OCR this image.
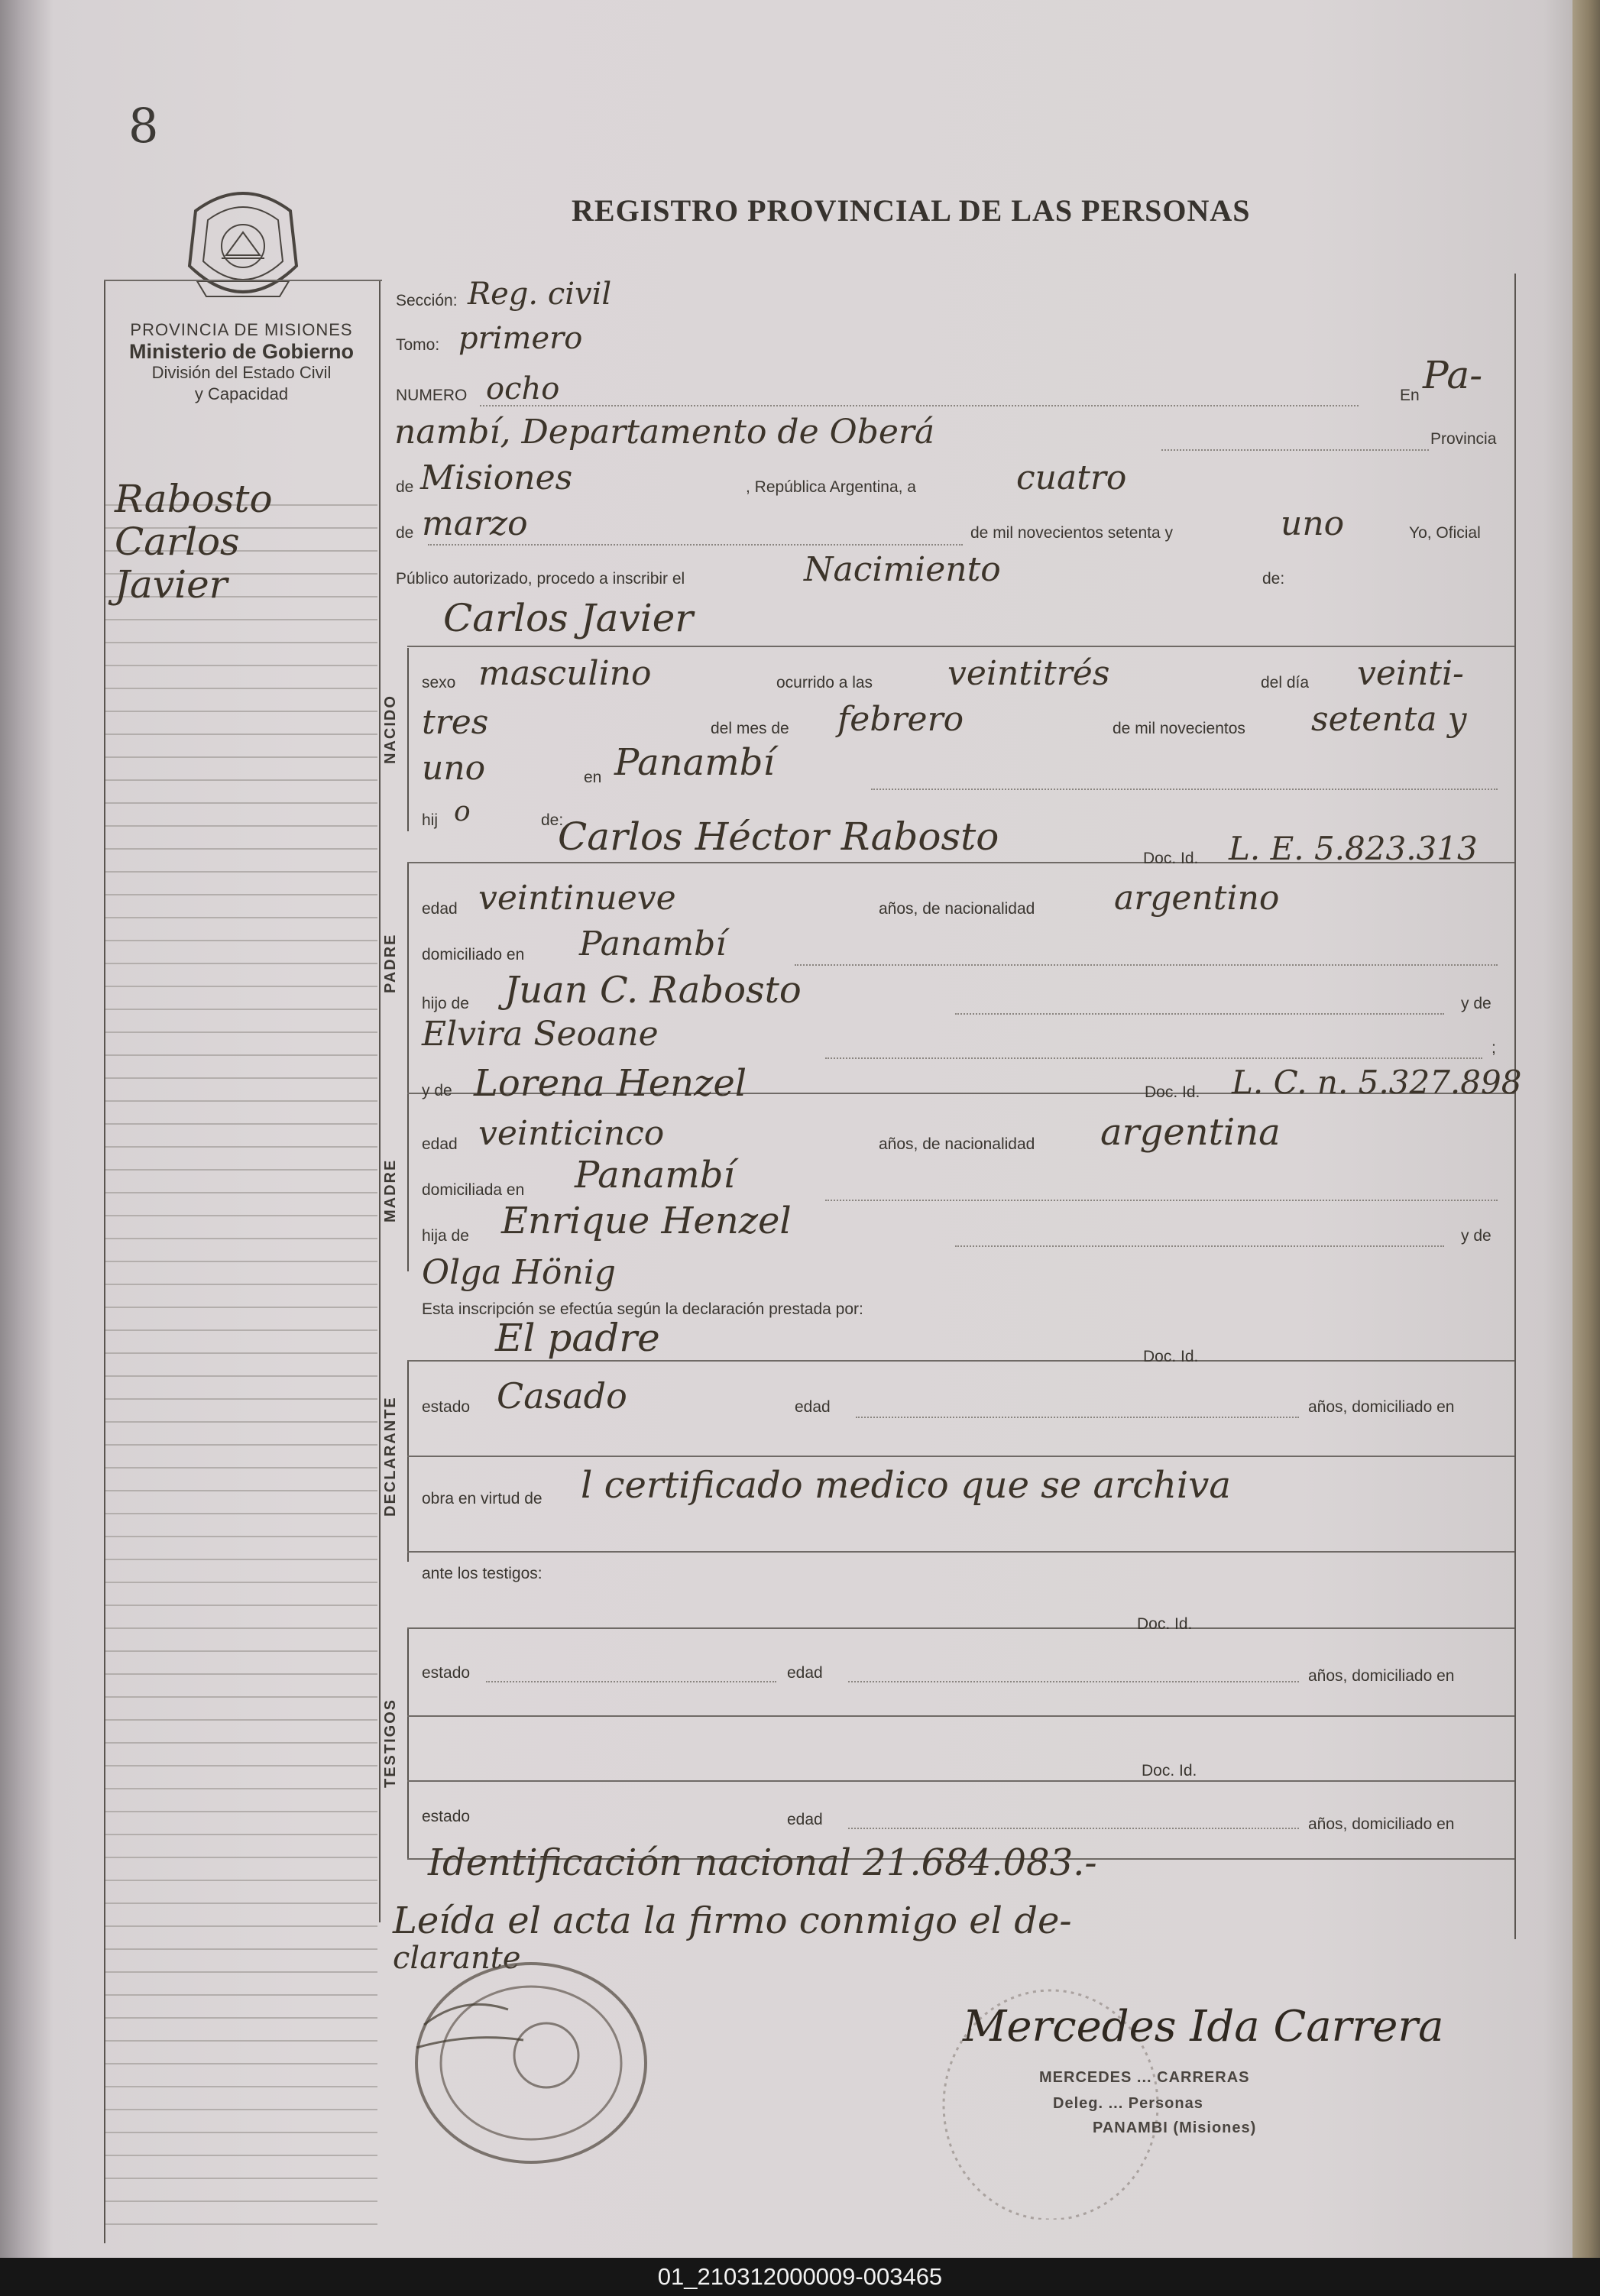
8
REGISTRO PROVINCIAL DE LAS PERSONAS
PROVINCIA DE MISIONES
Ministerio de Gobierno
División del Estado Civil
y Capacidad
NACIDO
PADRE
MADRE
DECLARANTE
TESTIGOS
Rabosto
Carlos
Javier
Sección: Reg. civil
Tomo: primero
NUMERO ocho	En Pa-
nambí, Departamento de Oberá	Provincia
de Misiones	, República Argentina, a	cuatro
de marzo	de mil novecientos setenta y	uno	Yo, Oficial
Público autorizado, procedo a inscribir el	Nacimiento	de:
Carlos Javier
sexo masculino	ocurrido a las veintitrés	del día veinti-
tres	del mes de febrero	de mil novecientos setenta y
uno	en Panambí
hij o	de:
Carlos Héctor Rabosto	Doc. Id. L. E. 5.823.313
edad veintinueve	años, de nacionalidad argentino
domiciliado en Panambí
hijo de Juan C. Rabosto	y de
Elvira Seoane	;
y de Lorena Henzel	Doc. Id. L. C. n. 5.327.898
edad veinticinco	años, de nacionalidad argentina
domiciliada en Panambí
hija de Enrique Henzel	y de
Olga Hönig
Esta inscripción se efectúa según la declaración prestada por:
El padre	Doc. Id.
estado Casado	edad	años, domiciliado en
obra en virtud de l certificado medico que se archiva
ante los testigos:
Doc. Id.
estado	edad	años, domiciliado en
Doc. Id.
estado	edad	años, domiciliado en
Identificación nacional 21.684.083.-
Leída el acta la firmo conmigo el de-
clarante
Mercedes Ida Carrera
MERCEDES ... CARRERAS
Deleg. ... Personas
PANAMBI (Misiones)
01_210312000009-003465
